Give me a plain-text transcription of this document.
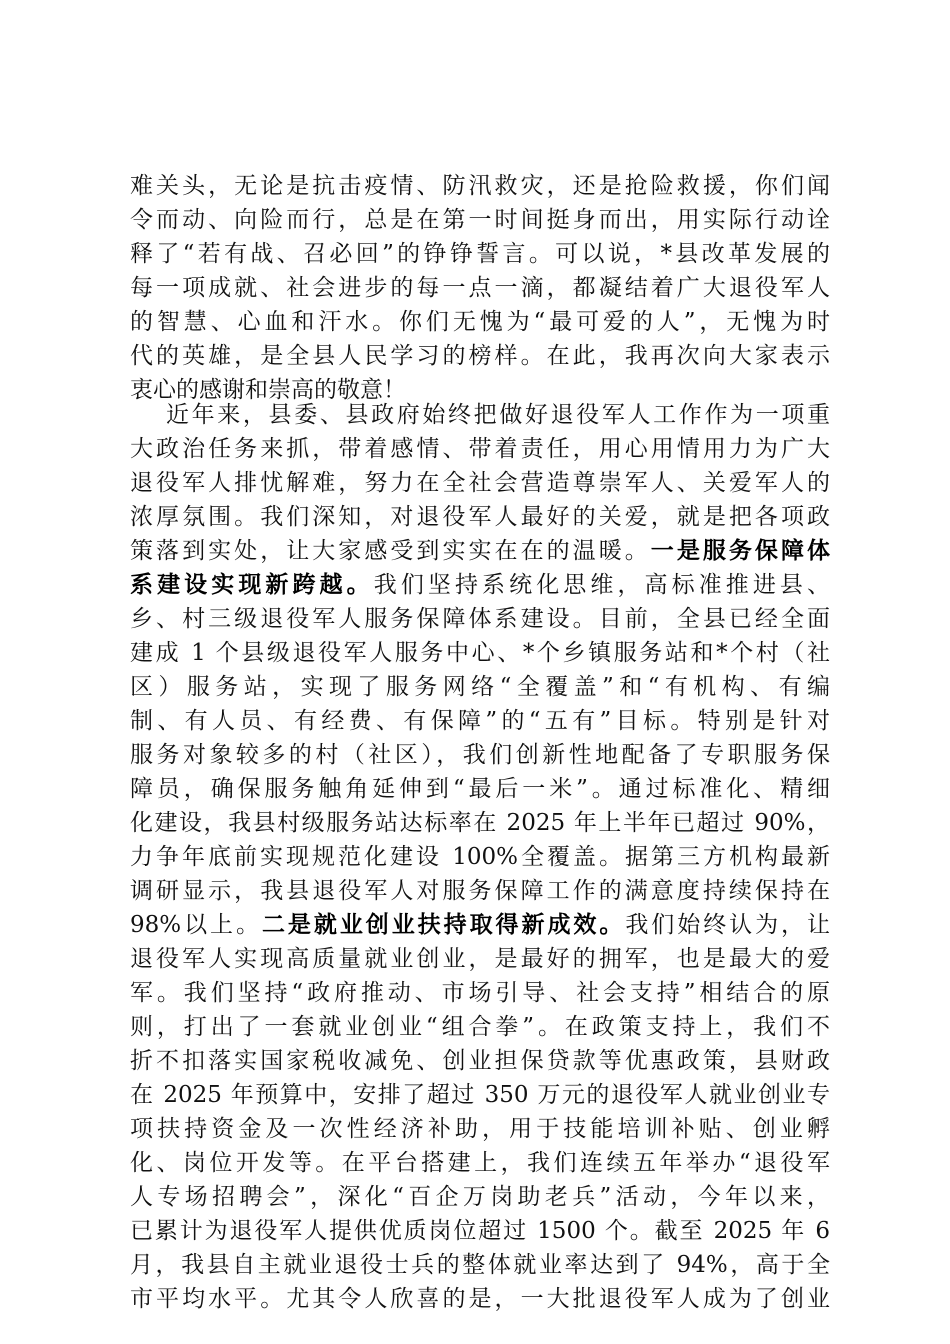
难关头，无论是抗击疫情、防汛救灾，还是抢险救援，你们闻
令而动、向险而行，总是在第一时间挺身而出，用实际行动诠
释了“若有战、召必回”的铮铮誓言。可以说，*县改革发展的
每一项成就、社会进步的每一点一滴，都凝结着广大退役军人
的智慧、心血和汗水。你们无愧为“最可爱的人”，无愧为时
代的英雄，是全县人民学习的榜样。在此，我再次向大家表示
衷心的感谢和崇高的敬意！
近年来，县委、县政府始终把做好退役军人工作作为一项重
大政治任务来抓，带着感情、带着责任，用心用情用力为广大
退役军人排忧解难，努力在全社会营造尊崇军人、关爱军人的
浓厚氛围。我们深知，对退役军人最好的关爱，就是把各项政
策落到实处，让大家感受到实实在在的温暖。一是服务保障体
系建设实现新跨越。我们坚持系统化思维，高标准推进县、
乡、村三级退役军人服务保障体系建设。目前，全县已经全面
建成 1 个县级退役军人服务中心、*个乡镇服务站和*个村（社
区）服务站，实现了服务网络“全覆盖”和“有机构、有编
制、有人员、有经费、有保障”的“五有”目标。特别是针对
服务对象较多的村（社区），我们创新性地配备了专职服务保
障员，确保服务触角延伸到“最后一米”。通过标准化、精细
化建设，我县村级服务站达标率在 2025 年上半年已超过 90%，
力争年底前实现规范化建设 100%全覆盖。据第三方机构最新
调研显示，我县退役军人对服务保障工作的满意度持续保持在
98%以上。二是就业创业扶持取得新成效。我们始终认为，让
退役军人实现高质量就业创业，是最好的拥军，也是最大的爱
军。我们坚持“政府推动、市场引导、社会支持”相结合的原
则，打出了一套就业创业“组合拳”。在政策支持上，我们不
折不扣落实国家税收减免、创业担保贷款等优惠政策，县财政
在 2025 年预算中，安排了超过 350 万元的退役军人就业创业专
项扶持资金及一次性经济补助，用于技能培训补贴、创业孵
化、岗位开发等。在平台搭建上，我们连续五年举办“退役军
人专场招聘会”，深化“百企万岗助老兵”活动，今年以来，
已累计为退役军人提供优质岗位超过 1500 个。截至 2025 年 6
月，我县自主就业退役士兵的整体就业率达到了 94%，高于全
市平均水平。尤其令人欣喜的是，一大批退役军人成为了创业
